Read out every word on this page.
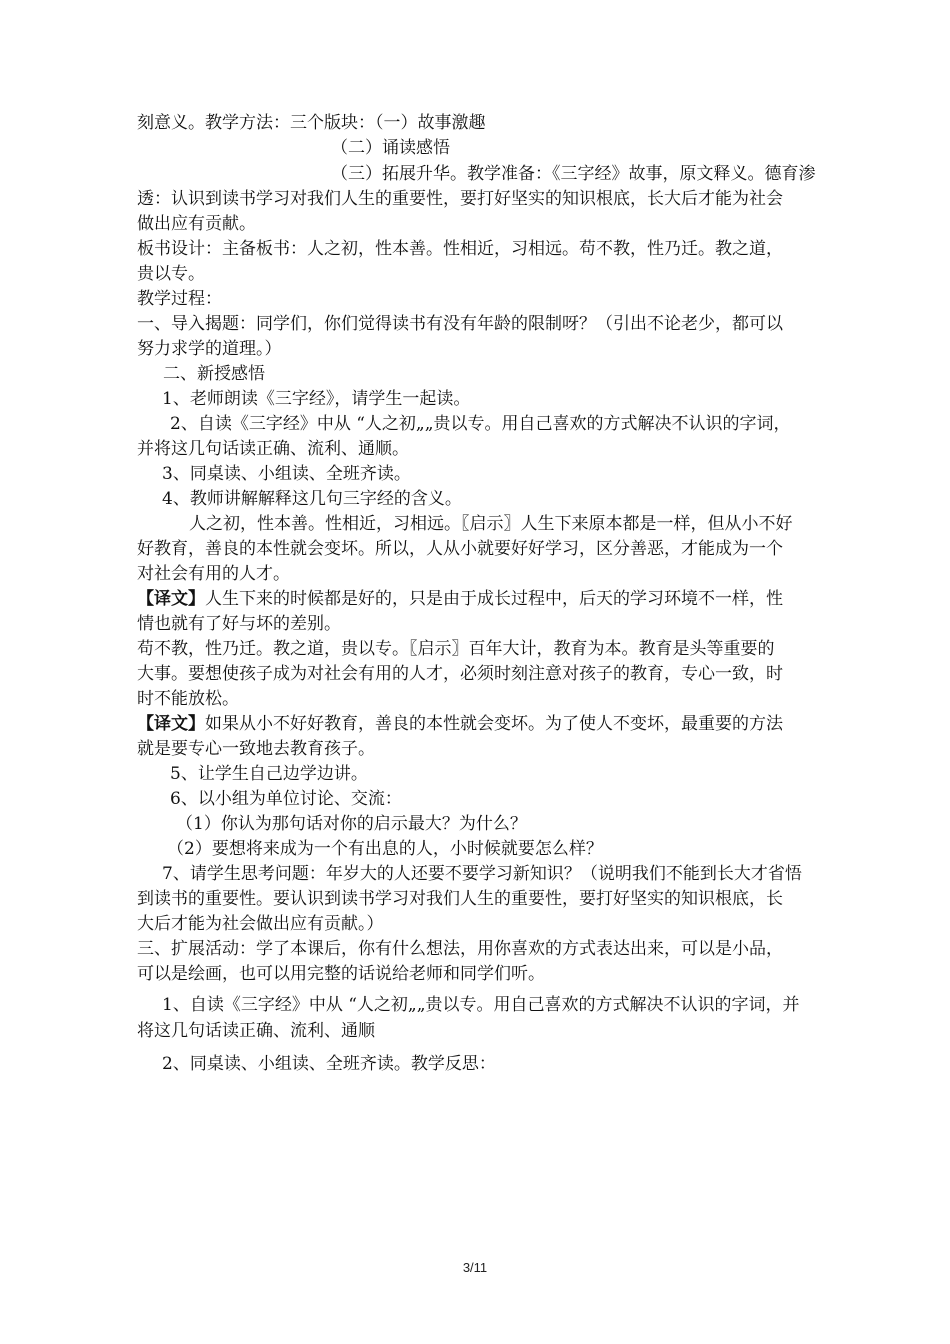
刻意义。教学方法：三个版块：（一）故事激趣
（二）诵读感悟
（三）拓展升华。教学准备：《三字经》故事，原文释义。德育渗
透：认识到读书学习对我们人生的重要性，要打好坚实的知识根底，长大后才能为社会
做出应有贡献。
板书设计：主备板书：人之初，性本善。性相近，习相远。苟不教，性乃迁。教之道，
贵以专。
教学过程：
一、导入揭题：同学们，你们觉得读书有没有年龄的限制呀？（引出不论老少，都可以
努力求学的道理。）
二、新授感悟
1、老师朗读《三字经》，请学生一起读。
2、自读《三字经》中从 “人之初„„贵以专。用自己喜欢的方式解决不认识的字词，
并将这几句话读正确、流利、通顺。
3、同桌读、小组读、全班齐读。
4、教师讲解解释这几句三字经的含义。
人之初，性本善。性相近，习相远。〖启示〗人生下来原本都是一样，但从小不好
好教育，善良的本性就会变坏。所以，人从小就要好好学习，区分善恶，才能成为一个
对社会有用的人才。
【译文】人生下来的时候都是好的，只是由于成长过程中，后天的学习环境不一样，性
情也就有了好与坏的差别。
苟不教，性乃迁。教之道，贵以专。〖启示〗百年大计，教育为本。教育是头等重要的
大事。要想使孩子成为对社会有用的人才，必须时刻注意对孩子的教育，专心一致，时
时不能放松。
【译文】如果从小不好好教育，善良的本性就会变坏。为了使人不变坏，最重要的方法
就是要专心一致地去教育孩子。
5、让学生自己边学边讲。
6、以小组为单位讨论、交流：
（1）你认为那句话对你的启示最大？为什么？
（2）要想将来成为一个有出息的人，小时候就要怎么样？
7、请学生思考问题：年岁大的人还要不要学习新知识？（说明我们不能到长大才省悟
到读书的重要性。要认识到读书学习对我们人生的重要性，要打好坚实的知识根底，长
大后才能为社会做出应有贡献。）
三、扩展活动：学了本课后，你有什么想法，用你喜欢的方式表达出来，可以是小品，
可以是绘画，也可以用完整的话说给老师和同学们听。
1、自读《三字经》中从 “人之初„„贵以专。用自己喜欢的方式解决不认识的字词，并
将这几句话读正确、流利、通顺
2、同桌读、小组读、全班齐读。教学反思：
3/11
